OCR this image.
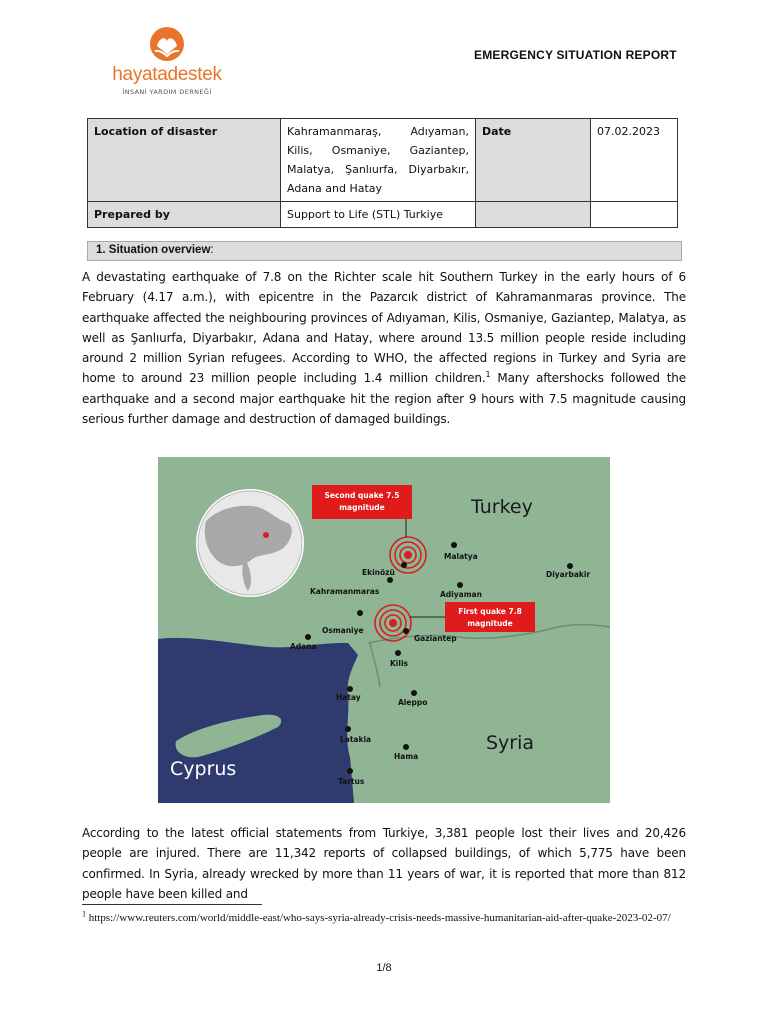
hayatadestek
İNSANİ YARDIM DERNEĞİ
EMERGENCY SITUATION REPORT
Location of disaster	Kahramanmaraş, Adıyaman, Kilis, Osmaniye, Gaziantep, Malatya, Şanlıurfa, Diyarbakır, Adana and Hatay	Date	07.02.2023
Prepared by	Support to Life (STL) Turkiye		
1. Situation overview:

A devastating earthquake of 7.8 on the Richter scale hit Southern Turkey in the early hours of 6 February (4.17 a.m.), with epicentre in the Pazarcık district of Kahramanmaras province. The earthquake affected the neighbouring provinces of Adıyaman, Kilis, Osmaniye, Gaziantep, Malatya, as well as Şanlıurfa, Diyarbakır, Adana and Hatay, where around 13.5 million people reside including around 2 million Syrian refugees. According to WHO, the affected regions in Turkey and Syria are home to around 23 million people including 1.4 million children.$^1$ Many aftershocks followed the earthquake and a second major earthquake hit the region after 9 hours with 7.5 magnitude causing serious further damage and destruction of damaged buildings.

Second quake 7.5
magnitude
First quake 7.8
magnitude
Turkey
Syria
Cyprus
Ekinözü
Malatya
Diyarbakir
Kahramanmaras	Adiyaman
Osmaniye
Gaziantep
Adana
Kilis
Hatay
Aleppo
Latakia
Hama
Tartus

According to the latest official statements from Turkiye, 3,381 people lost their lives and 20,426 people are injured. There are 11,342 reports of collapsed buildings, of which 5,775 have been confirmed. In Syria, already wrecked by more than 11 years of war, it is reported that more than 812 people have been killed and

$^1$ https://www.reuters.com/world/middle-east/who-says-syria-already-crisis-needs-massive-humanitarian-aid-after-quake-2023-02-07/

1/8
